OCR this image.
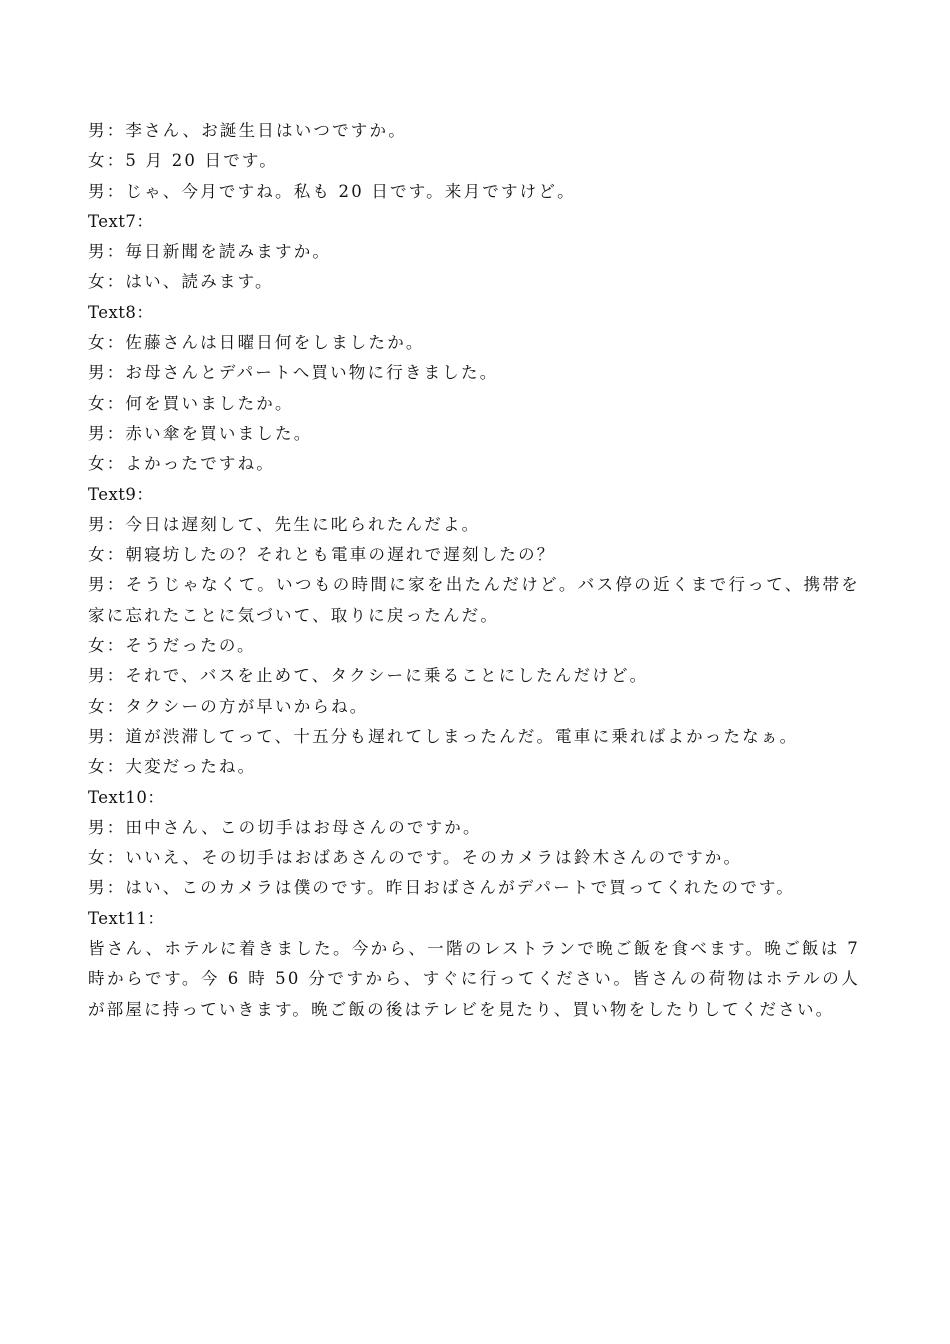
男：李さん、お誕生日はいつですか。
女：5 月 20 日です。
男：じゃ、今月ですね。私も 20 日です。来月ですけど。
Text7：
男：毎日新聞を読みますか。
女：はい、読みます。
Text8：
女：佐藤さんは日曜日何をしましたか。
男：お母さんとデパートへ買い物に行きました。
女：何を買いましたか。
男：赤い傘を買いました。
女：よかったですね。
Text9：
男：今日は遅刻して、先生に叱られたんだよ。
女：朝寝坊したの？それとも電車の遅れで遅刻したの？
男：そうじゃなくて。いつもの時間に家を出たんだけど。バス停の近くまで行って、携帯を家に忘れたことに気づいて、取りに戻ったんだ。
女：そうだったの。
男：それで、バスを止めて、タクシーに乗ることにしたんだけど。
女：タクシーの方が早いからね。
男：道が渋滞してって、十五分も遅れてしまったんだ。電車に乗ればよかったなぁ。
女：大変だったね。
Text10：
男：田中さん、この切手はお母さんのですか。
女：いいえ、その切手はおばあさんのです。そのカメラは鈴木さんのですか。
男：はい、このカメラは僕のです。昨日おばさんがデパートで買ってくれたのです。
Text11：
皆さん、ホテルに着きました。今から、一階のレストランで晩ご飯を食べます。晩ご飯は 7 時からです。今 6 時 50 分ですから、すぐに行ってください。皆さんの荷物はホテルの人が部屋に持っていきます。晩ご飯の後はテレビを見たり、買い物をしたりしてください。
